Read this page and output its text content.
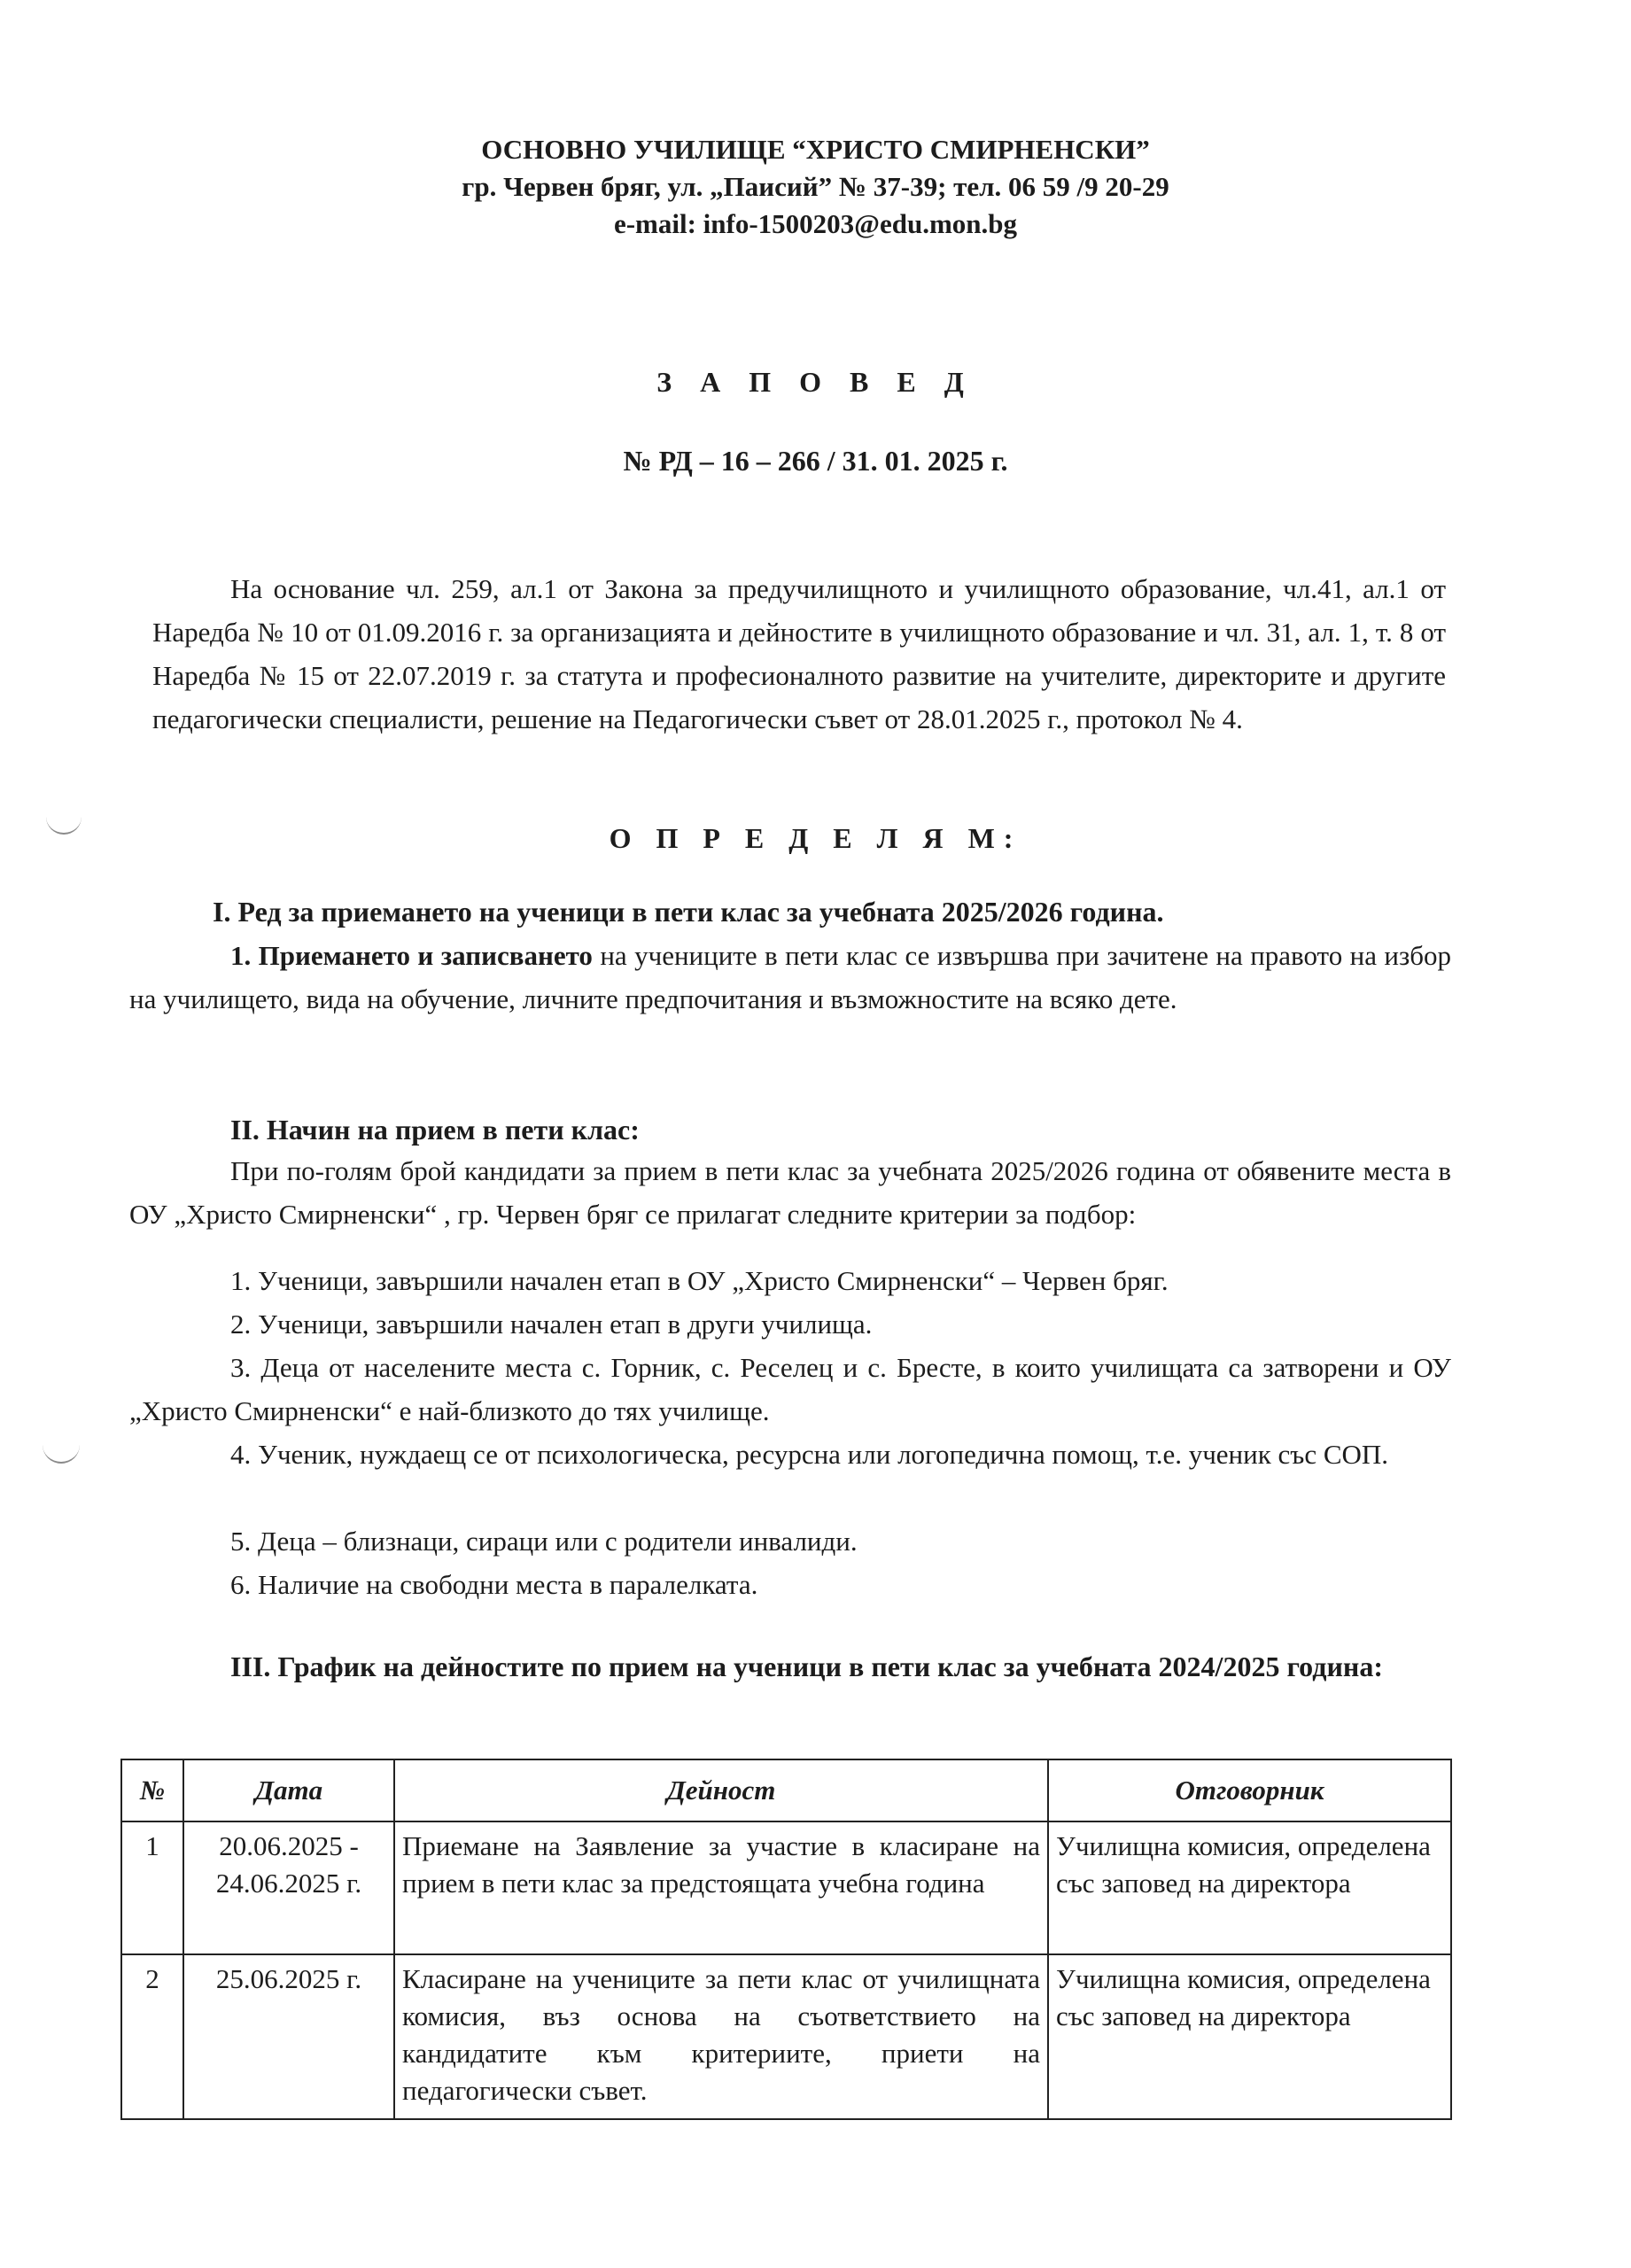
ОСНОВНО УЧИЛИЩЕ “ХРИСТО СМИРНЕНСКИ”
гр. Червен бряг, ул. „Паисий” № 37-39; тел. 06 59 /9 20-29
e-mail: info-1500203@edu.mon.bg
З А П О В Е Д
№ РД – 16 – 266 / 31. 01. 2025 г.
На основание чл. 259, ал.1 от Закона за предучилищното и училищното образование, чл.41, ал.1 от Наредба № 10 от 01.09.2016 г. за организацията и дейностите в училищното образование и чл. 31, ал. 1, т. 8 от Наредба № 15 от 22.07.2019 г. за статута и професионалното развитие на учителите, директорите и другите педагогически специалисти, решение на Педагогически съвет от 28.01.2025 г., протокол № 4.
О П Р Е Д Е Л Я М:
I. Ред за приемането на ученици в пети клас за учебната 2025/2026 година.
1. Приемането и записването на учениците в пети клас се извършва при зачитене на правото на избор на училището, вида на обучение, личните предпочитания и възможностите на всяко дете.
II. Начин на прием в пети клас:
При по-голям брой кандидати за прием в пети клас за учебната 2025/2026 година от обявените места в ОУ „Христо Смирненски“ , гр. Червен бряг се прилагат следните критерии за подбор:
1. Ученици, завършили начален етап в ОУ „Христо Смирненски“ – Червен бряг.
2. Ученици, завършили начален етап в други училища.
3. Деца от населените места с. Горник, с. Реселец и с. Бресте, в които училищата са затворени и ОУ „Христо Смирненски“ е най-близкото до тях училище.
4. Ученик, нуждаещ се от психологическа, ресурсна или логопедична помощ, т.е. ученик със СОП.
5. Деца – близнаци, сираци или с родители инвалиди.
6. Наличие на свободни места в паралелката.
III. График на дейностите по прием на ученици в пети клас за учебната 2024/2025 година:
№	Дата	Дейност	Отговорник
1	20.06.2025 - 24.06.2025 г.	Приемане на Заявление за участие в класиране на прием в пети клас за предстоящата учебна година	Училищна комисия, определена със заповед на директора
2	25.06.2025 г.	Класиране на учениците за пети клас от училищната комисия, въз основа на съответствието на кандидатите към критериите, приети на педагогически съвет.	Училищна комисия, определена със заповед на директора
